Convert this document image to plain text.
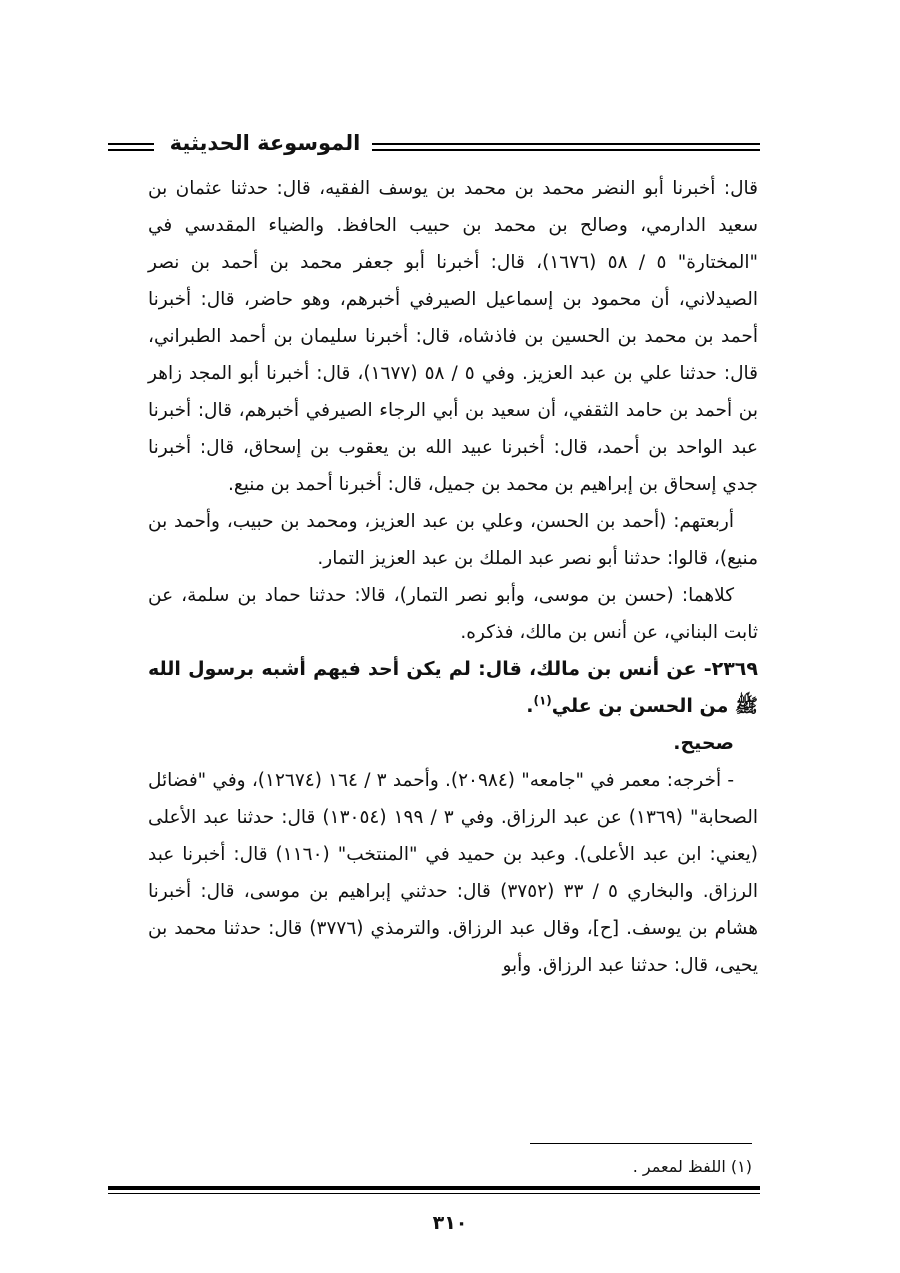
الموسوعة الحديثية

قال: أخبرنا أبو النضر محمد بن محمد بن يوسف الفقيه، قال: حدثنا عثمان بن سعيد الدارمي، وصالح بن محمد بن حبيب الحافظ. والضياء المقدسي في "المختارة" ٥ / ٥٨ (١٦٧٦)، قال: أخبرنا أبو جعفر محمد بن أحمد بن نصر الصيدلاني، أن محمود بن إسماعيل الصيرفي أخبرهم، وهو حاضر، قال: أخبرنا أحمد بن محمد بن الحسين بن فاذشاه، قال: أخبرنا سليمان بن أحمد الطبراني، قال: حدثنا علي بن عبد العزيز. وفي ٥ / ٥٨ (١٦٧٧)، قال: أخبرنا أبو المجد زاهر بن أحمد بن حامد الثقفي، أن سعيد بن أبي الرجاء الصيرفي أخبرهم، قال: أخبرنا عبد الواحد بن أحمد، قال: أخبرنا عبيد الله بن يعقوب بن إسحاق، قال: أخبرنا جدي إسحاق بن إبراهيم بن محمد بن جميل، قال: أخبرنا أحمد بن منيع.

أربعتهم: (أحمد بن الحسن، وعلي بن عبد العزيز، ومحمد بن حبيب، وأحمد بن منيع)، قالوا: حدثنا أبو نصر عبد الملك بن عبد العزيز التمار.

كلاهما: (حسن بن موسى، وأبو نصر التمار)، قالا: حدثنا حماد بن سلمة، عن ثابت البناني، عن أنس بن مالك، فذكره.

٢٣٦٩- عن أنس بن مالك، قال: لم يكن أحد فيهم أشبه برسول الله ﷺ من الحسن بن علي$^{(١)}$.

صحيح.

- أخرجه: معمر في "جامعه" (٢٠٩٨٤). وأحمد ٣ / ١٦٤ (١٢٦٧٤)، وفي "فضائل الصحابة" (١٣٦٩) عن عبد الرزاق. وفي ٣ / ١٩٩ (١٣٠٥٤) قال: حدثنا عبد الأعلى (يعني: ابن عبد الأعلى). وعبد بن حميد في "المنتخب" (١١٦٠) قال: أخبرنا عبد الرزاق. والبخاري ٥ / ٣٣ (٣٧٥٢) قال: حدثني إبراهيم بن موسى، قال: أخبرنا هشام بن يوسف. [ح]، وقال عبد الرزاق. والترمذي (٣٧٧٦) قال: حدثنا محمد بن يحيى، قال: حدثنا عبد الرزاق. وأبو

(١) اللفظ لمعمر .
٣١٠
